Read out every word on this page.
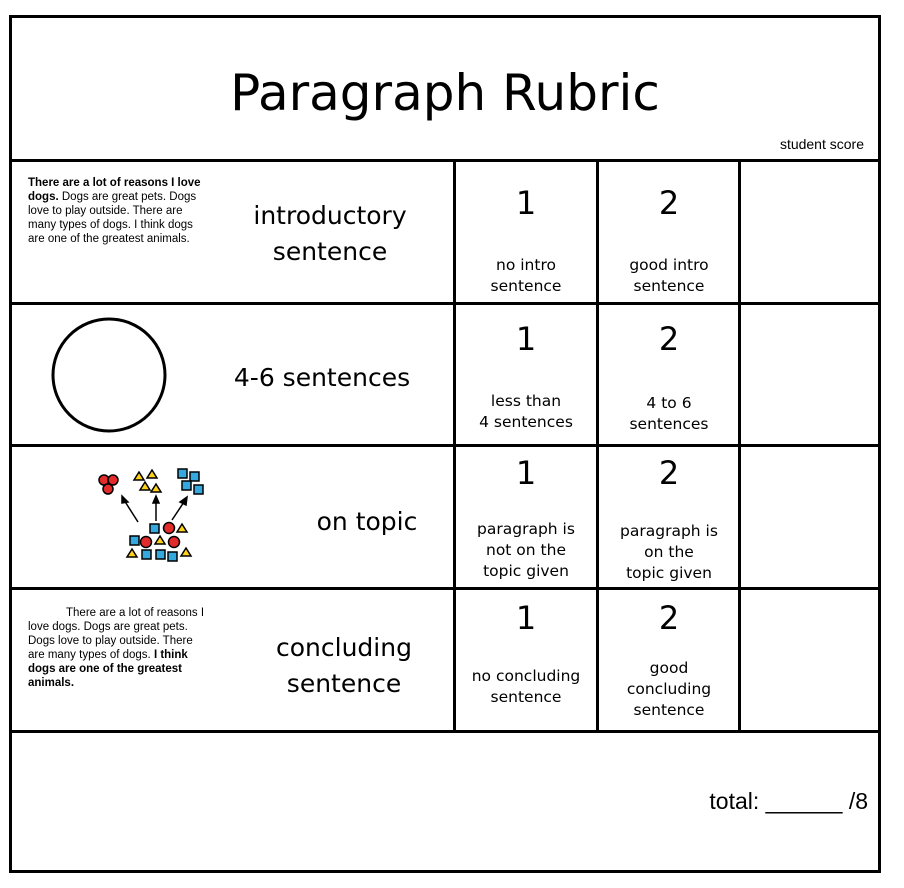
Paragraph Rubric
student score
There are a lot of reasons I love dogs. Dogs are great pets. Dogs love to play outside. There are many types of dogs. I think dogs are one of the greatest animals.
introductory
sentence
1
no intro
sentence
2
good intro
sentence
4-6 sentences
1
less than
4 sentences
2
4 to 6
sentences
on topic
1
paragraph is
not on the
topic given
2
paragraph is
on the
topic given
There are a lot of reasons I love dogs. Dogs are great pets. Dogs love to play outside. There are many types of dogs. I think dogs are one of the greatest animals.
concluding
sentence
1
no concluding
sentence
2
good
concluding
sentence
total: ______ /8
